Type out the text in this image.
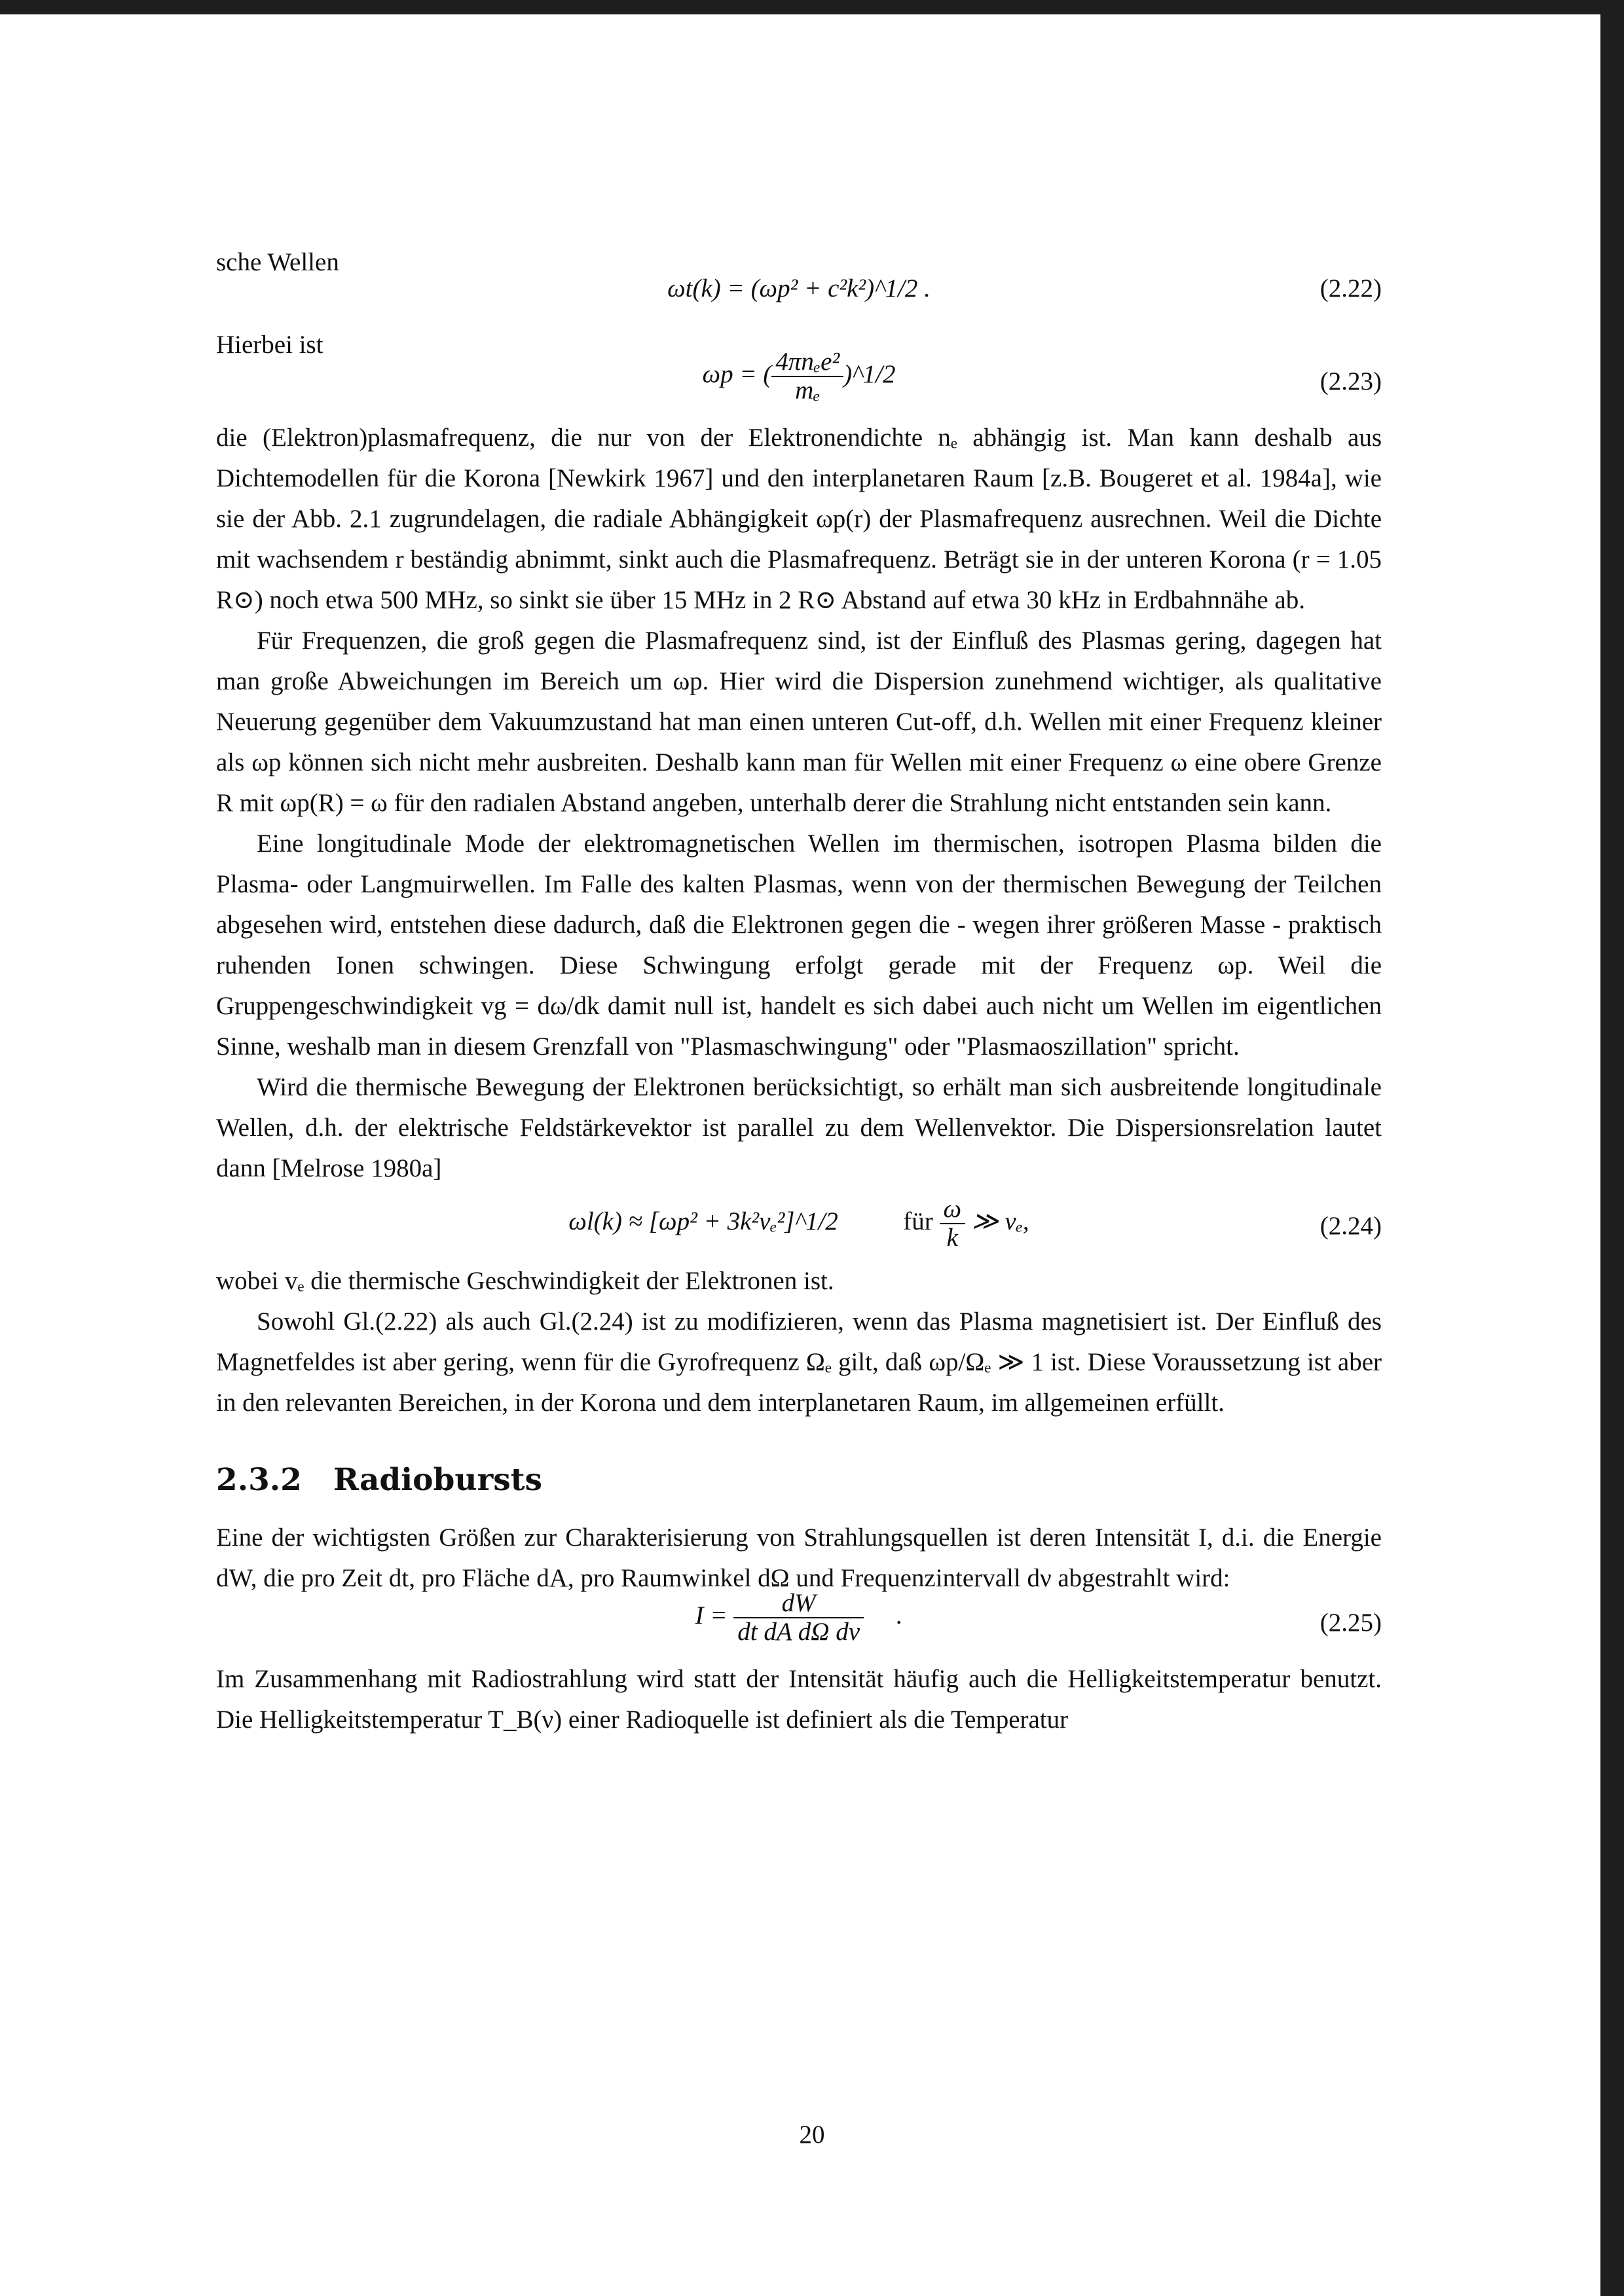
sche Wellen

ωt(k) = (ωp² + c²k²)^1/2 .	(2.22)

Hierbei ist

ωp = ( $\frac{\text{4πnₑe²}}{\text{mₑ}}$ )^1/2	(2.23)

die (Elektron)plasmafrequenz, die nur von der Elektronendichte nₑ abhängig ist. Man kann deshalb aus Dichtemodellen für die Korona [Newkirk 1967] und den interplanetaren Raum [z.B. Bougeret et al. 1984a], wie sie der Abb. 2.1 zugrundelagen, die radiale Abhängigkeit ωp(r) der Plasmafrequenz ausrechnen. Weil die Dichte mit wachsendem r beständig abnimmt, sinkt auch die Plasmafrequenz. Beträgt sie in der unteren Korona (r = 1.05 R⊙) noch etwa 500 MHz, so sinkt sie über 15 MHz in 2 R⊙ Abstand auf etwa 30 kHz in Erdbahnnähe ab.

Für Frequenzen, die groß gegen die Plasmafrequenz sind, ist der Einfluß des Plasmas gering, dagegen hat man große Abweichungen im Bereich um ωp. Hier wird die Dispersion zunehmend wichtiger, als qualitative Neuerung gegenüber dem Vakuumzustand hat man einen unteren Cut-off, d.h. Wellen mit einer Frequenz kleiner als ωp können sich nicht mehr ausbreiten. Deshalb kann man für Wellen mit einer Frequenz ω eine obere Grenze R mit ωp(R) = ω für den radialen Abstand angeben, unterhalb derer die Strahlung nicht entstanden sein kann.

Eine longitudinale Mode der elektromagnetischen Wellen im thermischen, isotropen Plasma bilden die Plasma- oder Langmuirwellen. Im Falle des kalten Plasmas, wenn von der thermischen Bewegung der Teilchen abgesehen wird, entstehen diese dadurch, daß die Elektronen gegen die - wegen ihrer größeren Masse - praktisch ruhenden Ionen schwingen. Diese Schwingung erfolgt gerade mit der Frequenz ωp. Weil die Gruppengeschwindigkeit vg = dω/dk damit null ist, handelt es sich dabei auch nicht um Wellen im eigentlichen Sinne, weshalb man in diesem Grenzfall von "Plasmaschwingung" oder "Plasmaoszillation" spricht.

Wird die thermische Bewegung der Elektronen berücksichtigt, so erhält man sich ausbreitende longitudinale Wellen, d.h. der elektrische Feldstärkevektor ist parallel zu dem Wellenvektor. Die Dispersionsrelation lautet dann [Melrose 1980a]

ωl(k) ≈ [ωp² + 3k²vₑ²]^1/2	für $\frac{\omega}{k}$ ≫ vₑ,	(2.24)

wobei vₑ die thermische Geschwindigkeit der Elektronen ist.

Sowohl Gl.(2.22) als auch Gl.(2.24) ist zu modifizieren, wenn das Plasma magnetisiert ist. Der Einfluß des Magnetfeldes ist aber gering, wenn für die Gyrofrequenz Ωₑ gilt, daß ωp/Ωₑ ≫ 1 ist. Diese Voraussetzung ist aber in den relevanten Bereichen, in der Korona und dem interplanetaren Raum, im allgemeinen erfüllt.

2.3.2 Radiobursts

Eine der wichtigsten Größen zur Charakterisierung von Strahlungsquellen ist deren Intensität I, d.i. die Energie dW, die pro Zeit dt, pro Fläche dA, pro Raumwinkel dΩ und Frequenzintervall dν abgestrahlt wird:

$I = \frac{dW}{\text{dt dA dΩ dν}}$ .	(2.25)

Im Zusammenhang mit Radiostrahlung wird statt der Intensität häufig auch die Helligkeitstemperatur benutzt. Die Helligkeitstemperatur T_B(ν) einer Radioquelle ist definiert als die Temperatur

20
